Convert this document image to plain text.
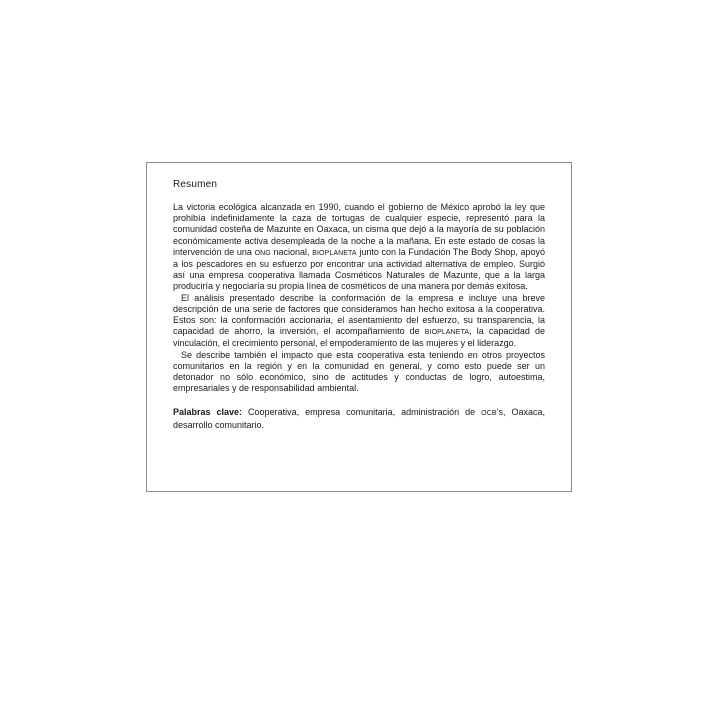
Resumen

La victoria ecológica alcanzada en 1990, cuando el gobierno de México aprobó la ley que prohibía indefinidamente la caza de tortugas de cualquier especie, representó para la comunidad costeña de Mazunte en Oaxaca, un cisma que dejó a la mayoría de su población económicamente activa desempleada de la noche a la mañana. En este estado de cosas la intervención de una ONG nacional, BIOPLANETA junto con la Fundación The Body Shop, apoyó a los pescadores en su esfuerzo por encontrar una actividad alternativa de empleo. Surgió así una empresa cooperativa llamada Cosméticos Naturales de Mazunte, que a la larga produciría y negociaría su propia línea de cosméticos de una manera por demás exitosa.

El análisis presentado describe la conformación de la empresa e incluye una breve descripción de una serie de factores que consideramos han hecho exitosa a la cooperativa. Estos son: la conformación accionaria, el asentamiento del esfuerzo, su transparencia, la capacidad de ahorro, la inversión, el acompañamiento de BIOPLANETA, la capacidad de vinculación, el crecimiento personal, el empoderamiento de las mujeres y el liderazgo.

Se describe también el impacto que esta cooperativa esta teniendo en otros proyectos comunitarios en la región y en la comunidad en general, y como esto puede ser un detonador no sólo económico, sino de actitudes y conductas de logro, autoestima, empresariales y de responsabilidad ambiental.

Palabras clave: Cooperativa, empresa comunitaria, administración de OCB’s, Oaxaca, desarrollo comunitario.
